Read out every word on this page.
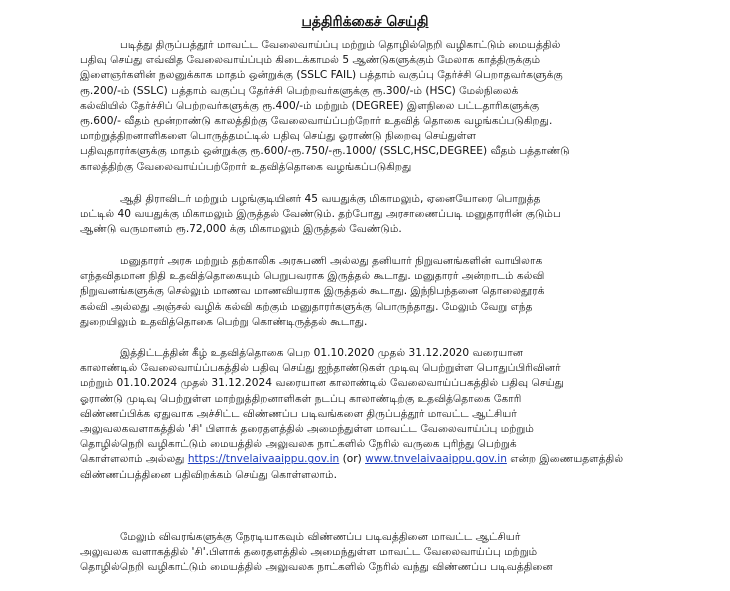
பத்திரிக்கைச் செய்தி
படித்து திருப்பத்தூர் மாவட்ட வேலைவாய்ப்பு மற்றும் தொழில்நெறி வழிகாட்டும் மையத்தில்
பதிவு செய்து எவ்வித வேலைவாய்ப்பும் கிடைக்காமல் 5 ஆண்டுகளுக்கும் மேலாக காத்திருக்கும்
இளைஞர்களின் நலனுக்காக மாதம் ஒன்றுக்கு (SSLC FAIL) பத்தாம் வகுப்பு தேர்ச்சி பெறாதவர்களுக்கு
ரூ.200/-ம் (SSLC) பத்தாம் வகுப்பு தேர்ச்சி பெற்றவர்களுக்கு ரூ.300/-ம் (HSC) மேல்நிலைக்
கல்வியில் தேர்ச்சிப் பெற்றவர்களுக்கு ரூ.400/-ம் மற்றும் (DEGREE) இளநிலை பட்டதாரிகளுக்கு
ரூ.600/- வீதம் மூன்றாண்டு காலத்திற்கு வேலைவாய்ப்பற்றோர் உதவித் தொகை வழங்கப்படுகிறது.
மாற்றுத்திறனாளிகளை பொருத்தமட்டில் பதிவு செய்து ஓராண்டு நிறைவு செய்துள்ள
பதிவுதாரர்களுக்கு மாதம் ஒன்றுக்கு ரூ.600/-ரூ.750/-ரூ.1000/ (SSLC,HSC,DEGREE) வீதம் பத்தாண்டு
காலத்திற்கு வேலைவாய்ப்பற்றோர் உதவித்தொகை வழங்கப்படுகிறது
ஆதி திராவிடர் மற்றும் பழங்குடியினர் 45 வயதுக்கு மிகாமலும், ஏனையோரை பொறுத்த
மட்டில் 40 வயதுக்கு மிகாமலும் இருத்தல் வேண்டும். தற்போது அரசாணைப்படி மனுதாரரின் குடும்ப
ஆண்டு வருமானம் ரூ.72,000 க்கு மிகாமலும் இருத்தல் வேண்டும்.
மனுதாரர் அரசு மற்றும் தற்காலிக அரசுபணி அல்லது தனியார் நிறுவனங்களின் வாயிலாக
எந்தவிதமான நிதி உதவித்தொகையும் பெறுபவராக இருத்தல் கூடாது. மனுதாரர் அன்றாடம் கல்வி
நிறுவனங்களுக்கு செல்லும் மாணவ மாணவியராக இருத்தல் கூடாது. இந்நிபந்தனை தொலைதூரக்
கல்வி அல்லது அஞ்சல் வழிக் கல்வி கற்கும் மனுதாரர்களுக்கு பொருந்தாது. மேலும் வேறு எந்த
துறையிலும் உதவித்தொகை பெற்று கொண்டிருத்தல் கூடாது.
இத்திட்டத்தின் கீழ் உதவித்தொகை பெற 01.10.2020 முதல் 31.12.2020 வரையான
காலாண்டில் வேலைவாய்ப்பகத்தில் பதிவு செய்து ஐந்தாண்டுகள் முடிவு பெற்றுள்ள பொதுப்பிரிவினர்
மற்றும் 01.10.2024 முதல் 31.12.2024 வரையான காலாண்டில் வேலைவாய்ப்பகத்தில் பதிவு செய்து
ஓராண்டு முடிவு பெற்றுள்ள மாற்றுத்திறனாளிகள் நடப்பு காலாண்டிற்கு உதவித்தொகை கோரி
விண்ணப்பிக்க ஏதுவாக அச்சிட்ட விண்ணப்ப படிவங்களை திருப்பத்தூர் மாவட்ட ஆட்சியர்
அலுவலகவளாகத்தில் 'சி' பிளாக் தரைதளத்தில் அமைந்துள்ள மாவட்ட வேலைவாய்ப்பு மற்றும்
தொழில்நெறி வழிகாட்டும் மையத்தில் அலுவலக நாட்களில் நேரில் வருகை புரிந்து பெற்றுக்
கொள்ளலாம் அல்லது https://tnvelaivaaippu.gov.in (or) www.tnvelaivaaippu.gov.in என்ற இணையதளத்தில்
விண்ணப்பத்தினை பதிவிறக்கம் செய்து கொள்ளலாம்.
மேலும் விவரங்களுக்கு நேரடியாகவும் விண்ணப்ப படிவத்தினை மாவட்ட ஆட்சியர்
அலுவலக வளாகத்தில் 'சி'.பிளாக் தரைதளத்தில் அமைந்துள்ள மாவட்ட வேலைவாய்ப்பு மற்றும்
தொழில்நெறி வழிகாட்டும் மையத்தில் அலுவலக நாட்களில் நேரில் வந்து விண்ணப்ப படிவத்தினை
